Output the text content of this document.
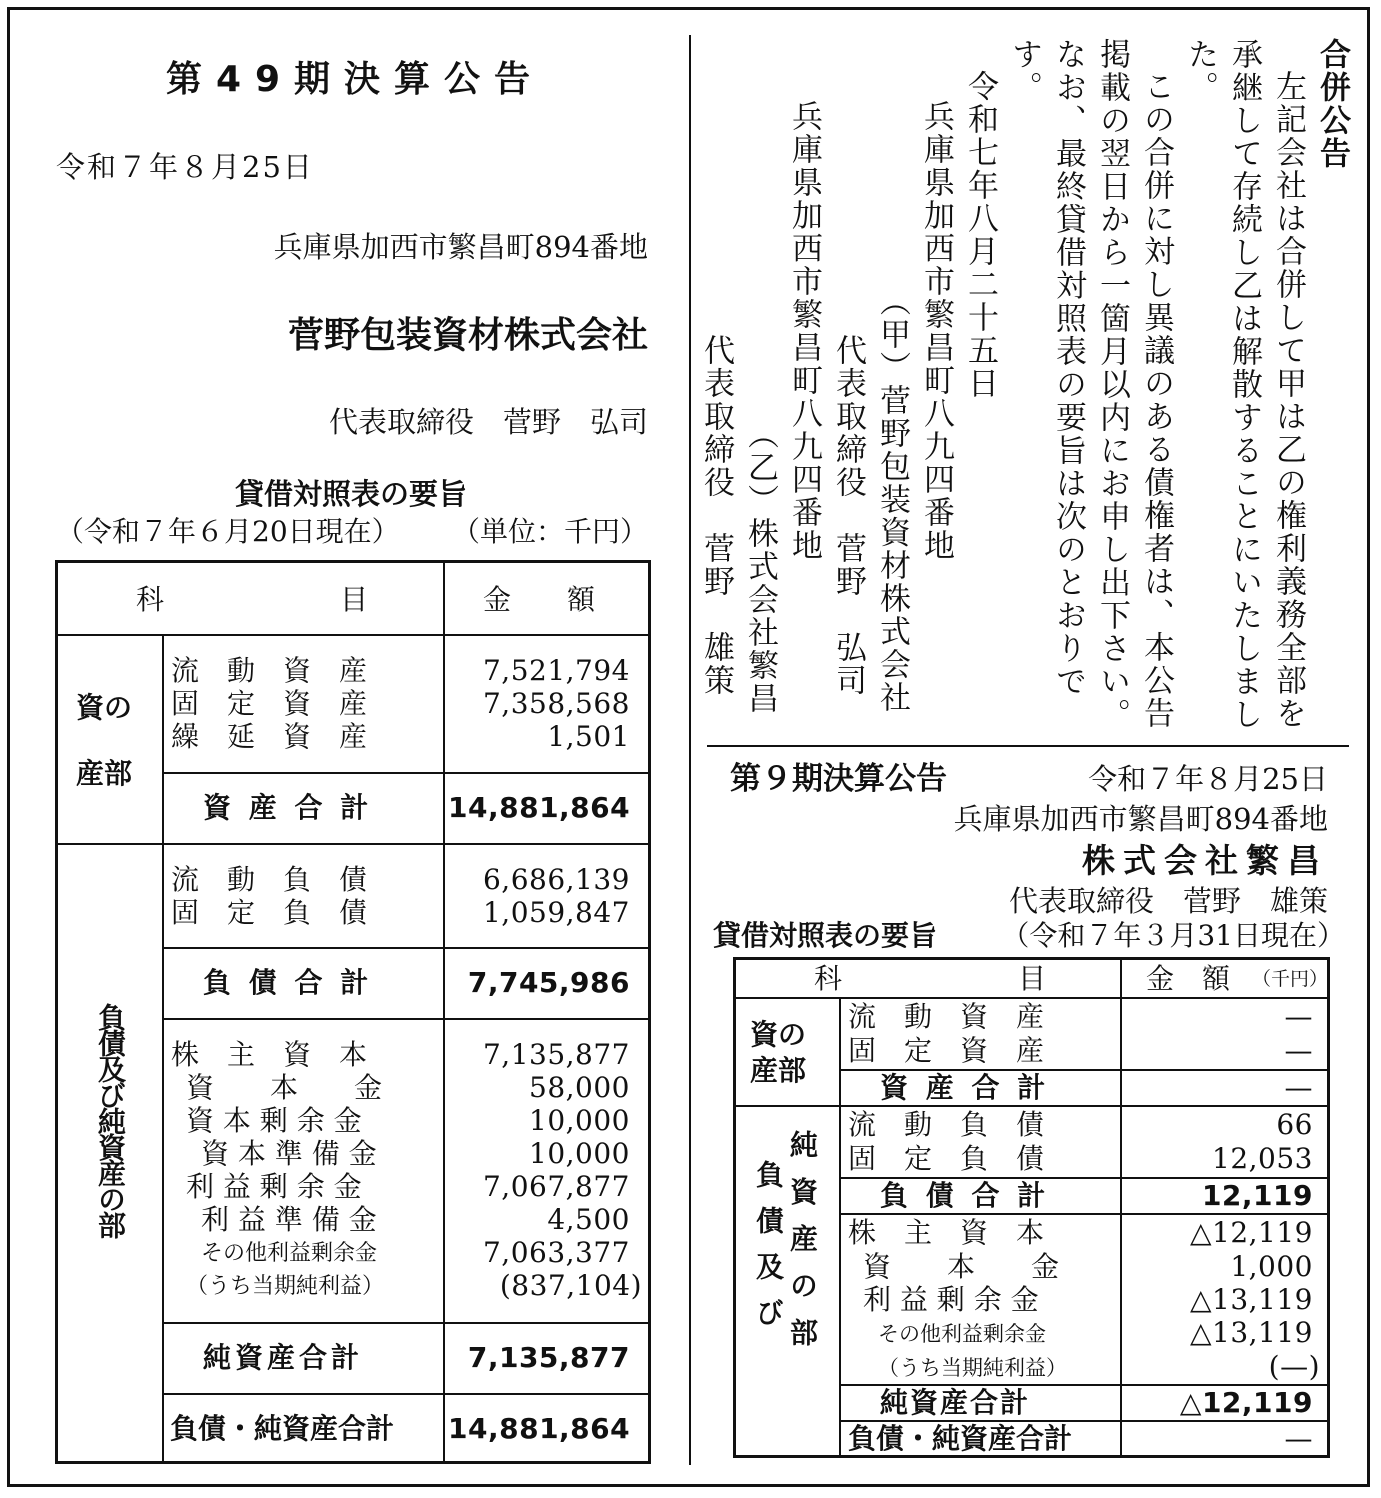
第49期決算公告
令和７年８月25日
兵庫県加西市繁昌町894番地
菅野包装資材株式会社
代表取締役　菅野　弘司
貸借対照表の要旨
（令和７年６月20日現在）	（単位：千円）
科	目	金　　額
資の
産部
流　動　資　産	7,521,794
固　定　資　産	7,358,568
繰　延　資　産	1,501
資 産 合 計	14,881,864
負債及び純資産の部
流　動　負　債	6,686,139
固　定　負　債	1,059,847
負 債 合 計	7,745,986
株　主　資　本	7,135,877
資　　本　　金	58,000
資 本 剰 余 金	10,000
資 本 準 備 金	10,000
利 益 剰 余 金	7,067,877
利 益 準 備 金	4,500
その他利益剰余金	7,063,377
（うち当期純利益）	(837,104)
純資産合計	7,135,877
負債・純資産合計 14,881,864
合併公告
左記会社は合併して甲は乙の権利義務全部を
承継して存続し乙は解散することにいたしまし
た。
この合併に対し異議のある債権者は、本公告
掲載の翌日から一箇月以内にお申し出下さい。
なお、最終貸借対照表の要旨は次のとおりで
す。
令和七年八月二十五日
兵庫県加西市繁昌町八九四番地
（甲）菅野包装資材株式会社
代表取締役　菅野　弘司
兵庫県加西市繁昌町八九四番地
（乙）株式会社繁昌
代表取締役　菅野　雄策
第９期決算公告	令和７年８月25日
兵庫県加西市繁昌町894番地
株式会社繁昌
代表取締役　菅野　雄策
貸借対照表の要旨	（令和７年３月31日現在）
科	目	金　額 （千円）
資の
産部
流　動　資　産	—
固　定　資　産	—
資 産 合 計	—
負債及び 純資産の部
流　動　負　債	66
固　定　負　債	12,053
負 債 合 計	12,119
株　主　資　本	△12,119
資　　本　　金	1,000
利 益 剰 余 金	△13,119
その他利益剰余金	△13,119
（うち当期純利益）	(—)
純資産合計	△12,119
負債・純資産合計	—
